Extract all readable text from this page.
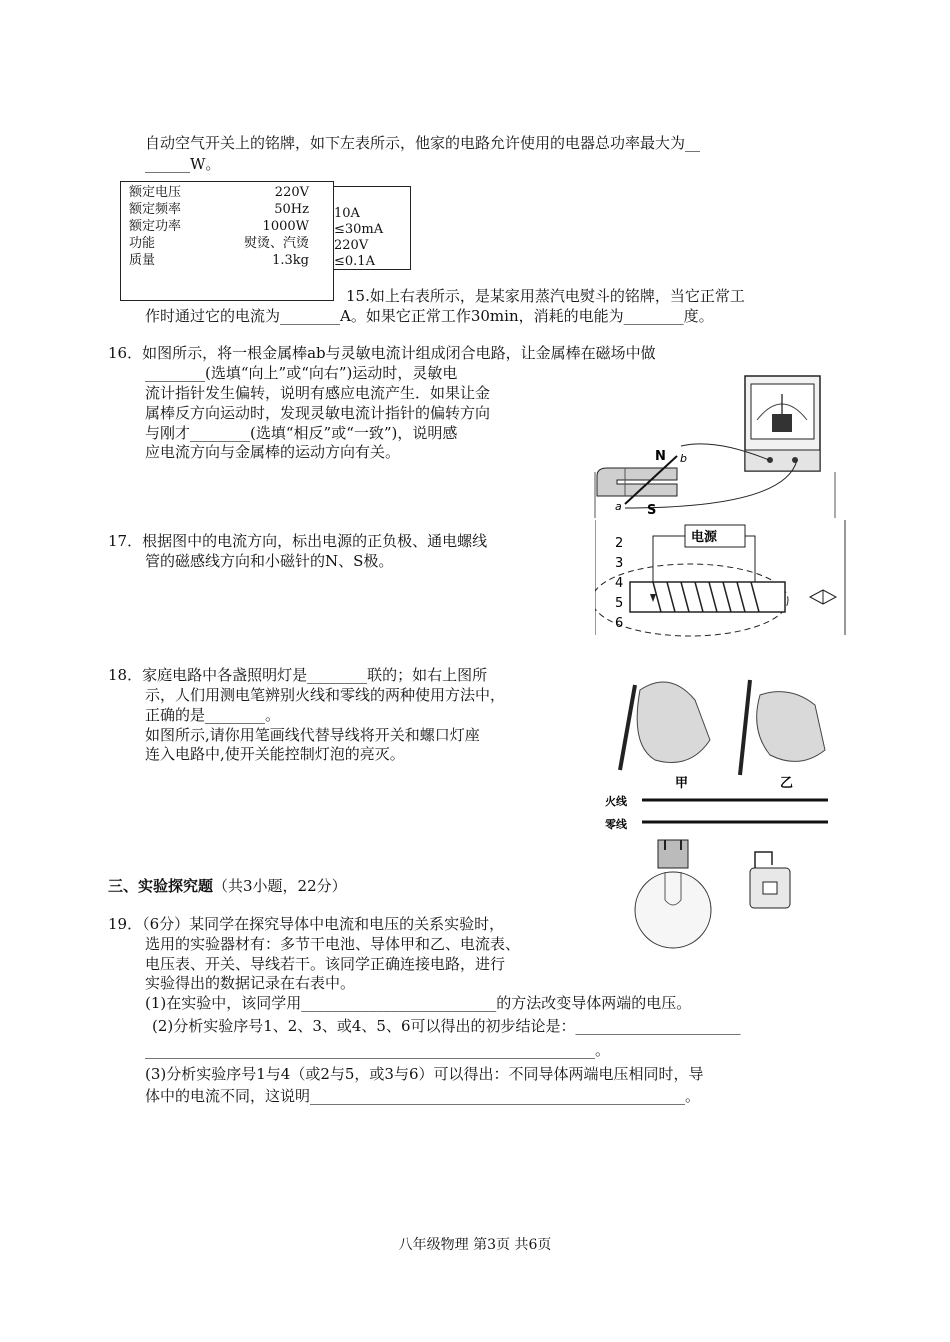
自动空气开关上的铭牌，如下左表所示，他家的电路允许使用的电器总功率最大为__
______W。
10A
≤30mA
220V
≤0.1A
额定电压	220V
额定频率	50Hz
额定功率	1000W
功能	熨烫、汽烫
质量	1.3kg
15.如上右表所示，是某家用蒸汽电熨斗的铭牌，当它正常工
作时通过它的电流为________A。如果它正常工作30min，消耗的电能为________度。
16．如图所示，将一根金属棒ab与灵敏电流计组成闭合电路，让金属棒在磁场中做
________(选填“向上”或“向右”)运动时，灵敏电
流计指针发生偏转，说明有感应电流产生．如果让金
属棒反方向运动时，发现灵敏电流计指针的偏转方向
与刚才________(选填“相反”或“一致”)，说明感
应电流方向与金属棒的运动方向有关。	N
S
a
b
17．根据图中的电流方向，标出电源的正负极、通电螺线
管的磁感线方向和小磁针的N、S极。
电源
2
3
4
5
6
18．家庭电路中各盏照明灯是________联的；如右上图所
示，人们用测电笔辨别火线和零线的两种使用方法中，
正确的是________。
如图所示,请你用笔画线代替导线将开关和螺口灯座
连入电路中,使开关能控制灯泡的亮灭。
甲	乙
火线
零线
三、实验探究题（共3小题，22分）
19．（6分）某同学在探究导体中电流和电压的关系实验时，
选用的实验器材有：多节干电池、导体甲和乙、电流表、
电压表、开关、导线若干。该同学正确连接电路，进行
实验得出的数据记录在右表中。
(1)在实验中，该同学用__________________________的方法改变导体两端的电压。
(2)分析实验序号1、2、3、或4、5、6可以得出的初步结论是：______________________
____________________________________________________________。
(3)分析实验序号1与4（或2与5，或3与6）可以得出：不同导体两端电压相同时，导
体中的电流不同，这说明__________________________________________________。
八年级物理 第3页 共6页
